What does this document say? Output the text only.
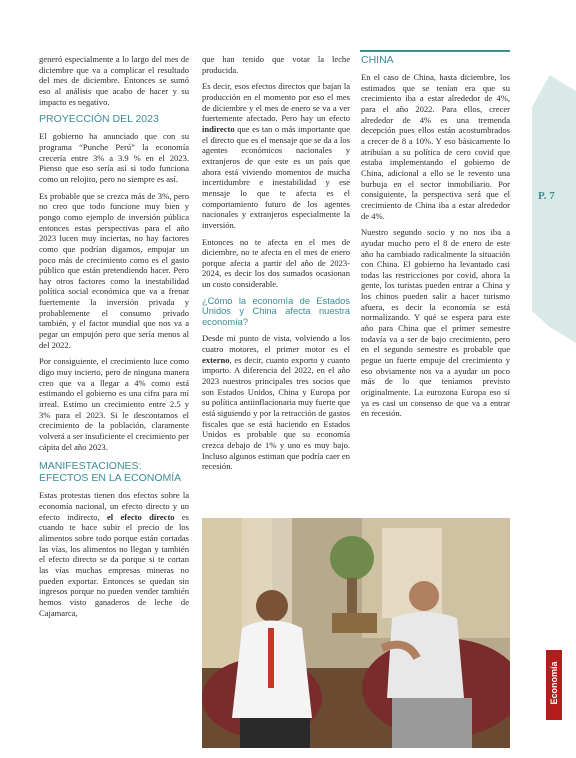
P. 7

generó especialmente a lo largo del mes de diciembre que va a complicar el resultado del mes de diciembre. Entonces se sumó eso al análisis que acabo de hacer y su impacto es negativo.

PROYECCIÓN DEL 2023

El gobierno ha anunciado que con su programa “Punche Perú” la economía crecería entre 3% a 3.9 % en el 2023. Pienso que eso sería así si todo funciona como un relojito, pero no siempre es así.

Es probable que se crezca más de 3%, pero no creo que todo funcione muy bien y pongo como ejemplo de inversión pública entonces estas perspectivas para el año 2023 lucen muy inciertas, no hay factores como que podrían digamos, empujar un poco más de crecimiento como es el gasto público que están pretendiendo hacer. Pero hay otros factores como la inestabilidad política social económica que va a frenar fuertemente la inversión privada y probablemente el consumo privado también, y el factor mundial que nos va a pegar un empujón pero que sería menos al del 2022.

Por consiguiente, el crecimiento luce como digo muy incierto, pero de ninguna manera creo que va a llegar a 4% como está estimando el gobierno es una cifra para mí irreal. Estimo un crecimiento entre 2.5 y 3% para el 2023. Si le descontamos el crecimiento de la población, claramente volverá a ser insuficiente el crecimiento per cápita del año 2023.

MANIFESTACIONES:
EFECTOS EN LA ECONOMÍA

Estas protestas tienen dos efectos sobre la economía nacional, un efecto directo y un efecto indirecto, el efecto directo es cuando te hace subir el precio de los alimentos sobre todo porque están cortadas las vías, los alimentos no llegan y también el efecto directo se da porque si te cortan las vías muchas empresas mineras no pueden exportar. Entonces se quedan sin ingresos porque no pueden vender también hemos visto ganaderos de leche de Cajamarca,

que han tenido que votar la leche producida.

Es decir, esos efectos directos que bajan la producción en el momento por eso el mes de diciembre y el mes de enero se va a ver fuertemente afectado. Pero hay un efecto indirecto que es tan o más importante que el directo que es el mensaje que se da a los agentes económicos nacionales y extranjeros de que este es un país que ahora está viviendo momentos de mucha incertidumbre e inestabilidad y ese mensaje lo que te afecta es el comportamiento futuro de los agentes nacionales y extranjeros especialmente la inversión.

Entonces no te afecta en el mes de diciembre, no te afecta en el mes de enero porque afecta a partir del año de 2023-2024, es decir los dos sumados ocasionan un costo considerable.

¿Cómo la economía de Estados Unidos y China afecta nuestra economía?

Desde mi punto de vista, volviendo a los cuatro motores, el primer motor es el externo, es decir, cuanto exporto y cuanto importo. A diferencia del 2022, en el año 2023 nuestros principales tres socios que son Estados Unidos, China y Europa por su política antiinflacionaria muy fuerte que está siguiendo y por la retracción de gastos fiscales que se está haciendo en Estados Unidos es probable que su economía crezca debajo de 1% y uno es muy bajo. Incluso algunos estiman que podría caer en recesión.

CHINA

En el caso de China, hasta diciembre, los estimados que se tenían era que su crecimiento iba a estar alrededor de 4%, para el año 2022. Para ellos, crecer alrededor de 4% es una tremenda decepción pues ellos están acostumbrados a crecer de 8 a 10%. Y eso básicamente lo atribuían a su política de cero covid que estaba implementando el gobierno de China, adicional a ello se le revento una burbuja en el sector inmobiliario. Por consiguiente, la perspectiva será que el crecimiento de China iba a estar alrededor de 4%.

Nuestro segundo socio y no nos iba a ayudar mucho pero el 8 de enero de este año ha cambiado radicalmente la situación con China. El gobierno ha levantado casi todas las restricciones por covid, ahora la gente, los turistas pueden entrar a China y los chinos pueden salir a hacer turismo afuera, es decir la economía se está normalizando. Y qué se espera para este año para China que el primer semestre todavía va a ser de bajo crecimiento, pero en el segundo semestre es probable que pegue un fuerte empuje del crecimiento y eso obviamente nos va a ayudar un poco más de lo que teníamos previsto originalmente. La eurozona Europa eso sí ya es casi un consenso de que va a entrar en recesión.

Economía
